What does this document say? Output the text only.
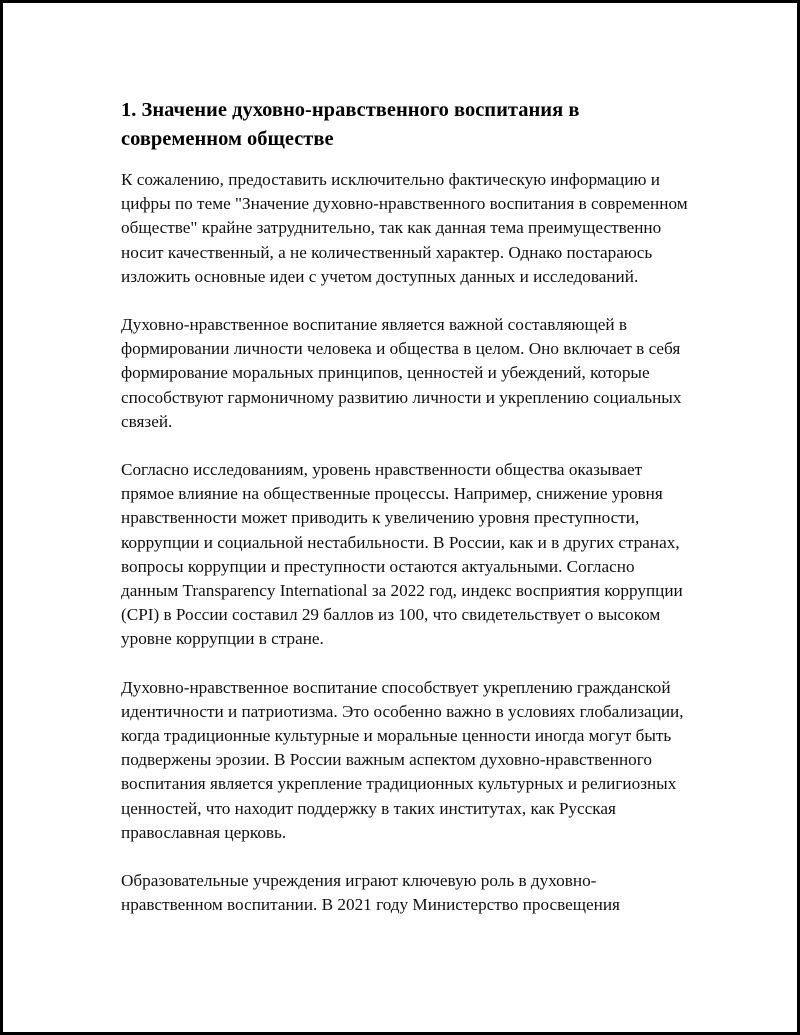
1. Значение духовно-нравственного воспитания в современном обществе

К сожалению, предоставить исключительно фактическую информацию и цифры по теме "Значение духовно-нравственного воспитания в современном обществе" крайне затруднительно, так как данная тема преимущественно носит качественный, а не количественный характер. Однако постараюсь изложить основные идеи с учетом доступных данных и исследований.

Духовно-нравственное воспитание является важной составляющей в формировании личности человека и общества в целом. Оно включает в себя формирование моральных принципов, ценностей и убеждений, которые способствуют гармоничному развитию личности и укреплению социальных связей.

Согласно исследованиям, уровень нравственности общества оказывает прямое влияние на общественные процессы. Например, снижение уровня нравственности может приводить к увеличению уровня преступности, коррупции и социальной нестабильности. В России, как и в других странах, вопросы коррупции и преступности остаются актуальными. Согласно данным Transparency International за 2022 год, индекс восприятия коррупции (CPI) в России составил 29 баллов из 100, что свидетельствует о высоком уровне коррупции в стране.

Духовно-нравственное воспитание способствует укреплению гражданской идентичности и патриотизма. Это особенно важно в условиях глобализации, когда традиционные культурные и моральные ценности иногда могут быть подвержены эрозии. В России важным аспектом духовно-нравственного воспитания является укрепление традиционных культурных и религиозных ценностей, что находит поддержку в таких институтах, как Русская православная церковь.

Образовательные учреждения играют ключевую роль в духовно-нравственном воспитании. В 2021 году Министерство просвещения
